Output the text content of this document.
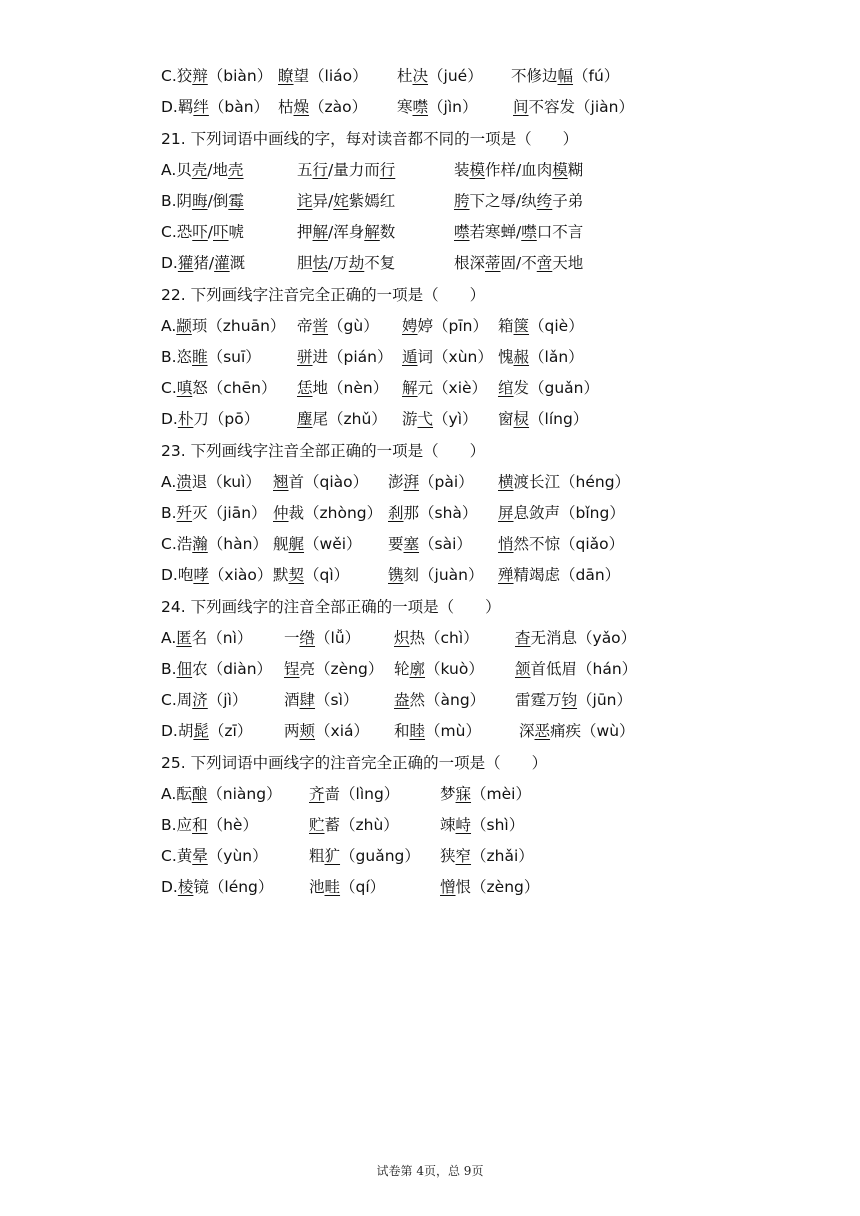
C.狡辩（biàn） 瞭望（liáo） 杜决（jué） 不修边幅（fú）
D.羁绊（bàn） 枯燥（zào） 寒噤（jìn） 间不容发（jiàn）
21. 下列词语中画线的字，每对读音都不同的一项是（　　）
A.贝壳/地壳	五行/量力而行	装模作样/血肉模糊
B.阴晦/倒霉	诧异/姹紫嫣红	胯下之辱/纨绔子弟
C.恐吓/吓唬	押解/浑身解数	噤若寒蝉/噤口不言
D.獾猪/灌溉	胆怯/万劫不复	根深蒂固/不啻天地
22. 下列画线字注音完全正确的一项是（　　）
A.颛顼（zhuān） 帝喾（gù） 娉婷（pīn） 箱箧（qiè）
B.恣睢（suī） 骈进（pián） 遁词（xùn） 愧赧（lǎn）
C.嗔怒（chēn） 恁地（nèn） 解元（xiè） 绾发（guǎn）
D.朴刀（pō） 麈尾（zhǔ） 游弋（yì） 窗棂（líng）
23. 下列画线字注音全部正确的一项是（　　）
A.溃退（kuì） 翘首（qiào） 澎湃（pài） 横渡长江（héng）
B.歼灭（jiān） 仲裁（zhòng） 刹那（shà） 屏息敛声（bǐng）
C.浩瀚（hàn） 舰艉（wěi） 要塞（sài） 悄然不惊（qiǎo）
D.咆哮（xiào） 默契（qì）	镌刻（juàn） 殚精竭虑（dān）
24. 下列画线字的注音全部正确的一项是（　　）
A.匿名（nì） 一绺（lǚ） 炽热（chì） 杳无消息（yǎo）
B.佃农（diàn） 锃亮（zèng） 轮廓（kuò） 颔首低眉（hán）
C.周济（jì） 酒肆（sì） 盎然（àng） 雷霆万钧（jūn）
D.胡髭（zī） 两颊（xiá） 和睦（mù） 深恶痛疾（wù）
25. 下列词语中画线字的注音完全正确的一项是（　　）
A.酝酿（niàng） 齐啬（lìng）	梦寐（mèi）
B.应和（hè）	贮蓄（zhù）	竦峙（shì）
C.黄晕（yùn）	粗犷（guǎng） 狭窄（zhǎi）
D.棱镜（léng） 池畦（qí）	憎恨（zèng）
试卷第 4页，总 9页
